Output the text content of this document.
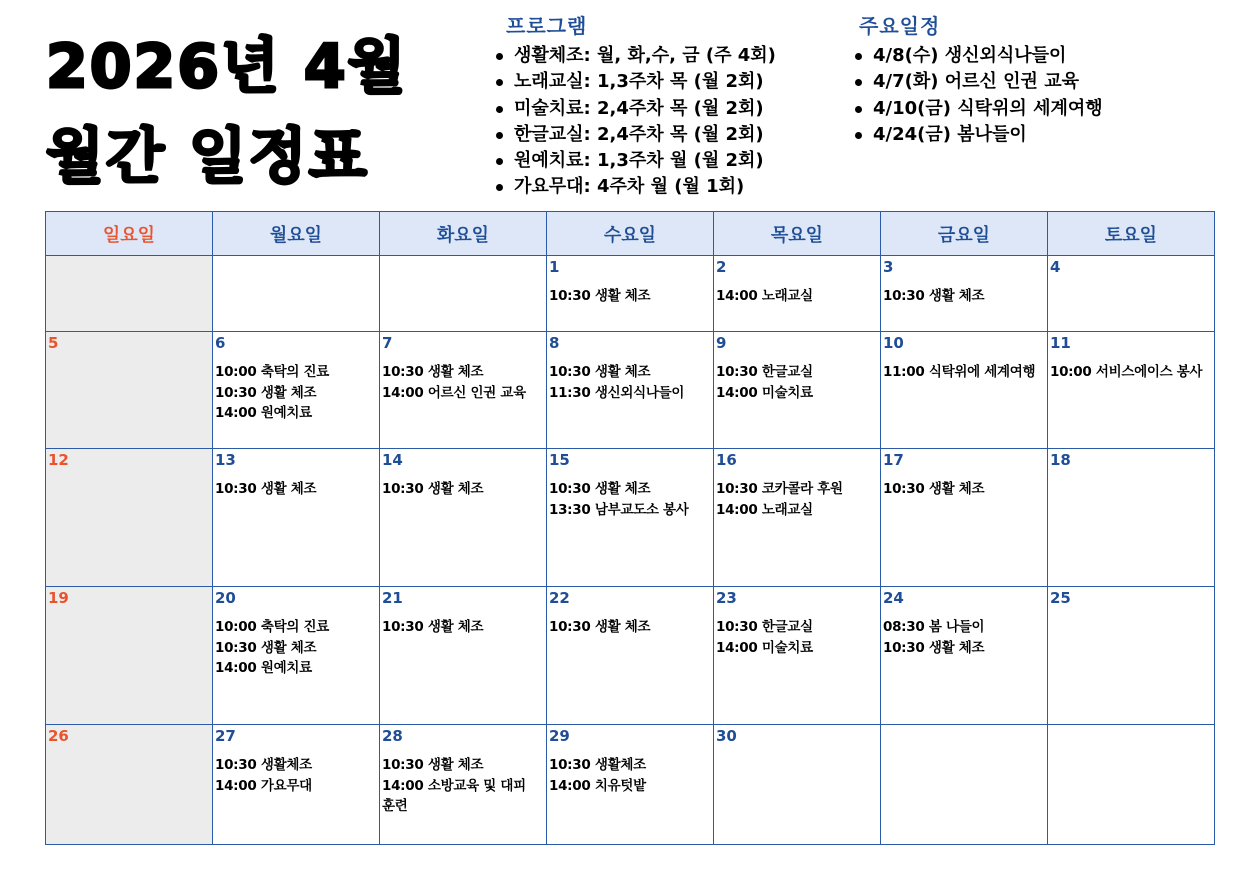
2026년 4월
월간 일정표
프로그램
생활체조: 월, 화,수, 금 (주 4회)
노래교실: 1,3주차 목 (월 2회)
미술치료: 2,4주차 목 (월 2회)
한글교실: 2,4주차 목 (월 2회)
원예치료: 1,3주차 월 (월 2회)
가요무대: 4주차 월 (월 1회)
주요일정
4/8(수) 생신외식나들이
4/7(화) 어르신 인권 교육
4/10(금) 식탁위의 세계여행
4/24(금) 봄나들이
일요일	월요일	화요일	수요일	목요일	금요일	토요일

			1
10:30 생활 체조	2
14:00 노래교실	3
10:30 생활 체조	4

5	6
10:00 축탁의 진료
10:30 생활 체조
14:00 원예치료	7
10:30 생활 체조
14:00 어르신 인권 교육	8
10:30 생활 체조
11:30 생신외식나들이	9
10:30 한글교실
14:00 미술치료	10
11:00 식탁위에 세계여행	11
10:00 서비스에이스 봉사

12	13
10:30 생활 체조	14
10:30 생활 체조	15
10:30 생활 체조
13:30 남부교도소 봉사	16
10:30 코카콜라 후원
14:00 노래교실	17
10:30 생활 체조	18

19	20
10:00 축탁의 진료
10:30 생활 체조
14:00 원예치료	21
10:30 생활 체조	22
10:30 생활 체조	23
10:30 한글교실
14:00 미술치료	24
08:30 봄 나들이
10:30 생활 체조	25

26	27
10:30 생활체조
14:00 가요무대	28
10:30 생활 체조
14:00 소방교육 및 대피
훈련	29
10:30 생활체조
14:00 치유텃밭	30		
